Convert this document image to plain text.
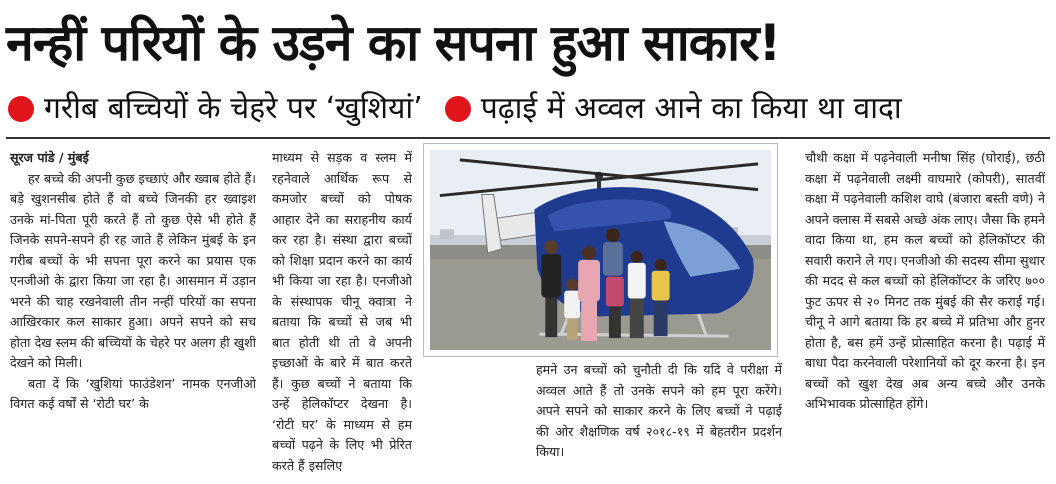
नन्हीं परियों के उड़ने का सपना हुआ साकार!
गरीब बच्चियों के चेहरे पर ‘खुशियां’ पढ़ाई में अव्वल आने का किया था वादा

सूरज पांडे / मुंबई

हर बच्चे की अपनी कुछ इच्छाएं और ख्वाब होते हैं। बड़े खुशनसीब होते हैं वो बच्चे जिनकी हर ख्वाइश उनके मां-पिता पूरी करते हैं तो कुछ ऐसे भी होते हैं जिनके सपने-सपने ही रह जाते हैं लेकिन मुंबई के इन गरीब बच्चों के भी सपना पूरा करने का प्रयास एक एनजीओ के द्वारा किया जा रहा है। आसमान में उड़ान भरने की चाह रखनेवाली तीन नन्हीं परियों का सपना आखिरकार कल साकार हुआ। अपने सपने को सच होता देख स्लम की बच्चियों के चेहरे पर अलग ही खुशी देखने को मिली।

बता दें कि ‘खुशियां फाउंडेशन’ नामक एनजीओ विगत कई वर्षों से ‘रोटी घर’ के

माध्यम से सड़क व स्लम में रहनेवाले आर्थिक रूप से कमजोर बच्चों को पोषक आहार देने का सराहनीय कार्य कर रहा है। संस्था द्वारा बच्चों को शिक्षा प्रदान करने का कार्य भी किया जा रहा है। एनजीओ के संस्थापक चीनू क्वात्रा ने बताया कि बच्चों से जब भी बात होती थी तो वे अपनी इच्छाओं के बारे में बात करते हैं। कुछ बच्चों ने बताया कि उन्हें हेलिकॉप्टर देखना है। ‘रोटी घर’ के माध्यम से हम बच्चों पढ़ने के लिए भी प्रेरित करते हैं इसलिए

हमने उन बच्चों को चुनौती दी कि यदि वे परीक्षा में अव्वल आते हैं तो उनके सपने को हम पूरा करेंगे। अपने सपने को साकार करने के लिए बच्चों ने पढ़ाई की ओर शैक्षणिक वर्ष २०१८-१९ में बेहतरीन प्रदर्शन किया।

चौथी कक्षा में पढ़नेवाली मनीषा सिंह (घोराई), छठी कक्षा में पढ़नेवाली लक्ष्मी वाघमारे (कोपरी), सातवीं कक्षा में पढ़नेवाली कशिश वाघे (बंजारा बस्ती वणे) ने अपने क्लास में सबसे अच्छे अंक लाए। जैसा कि हमने वादा किया था, हम कल बच्चों को हेलिकॉप्टर की सवारी कराने ले गए। एनजीओ की सदस्य सीमा सुथार की मदद से कल बच्चों को हेलिकॉप्टर के जरिए ७०० फुट ऊपर से २० मिनट तक मुंबई की सैर कराई गई। चीनू ने आगे बताया कि हर बच्चे में प्रतिभा और हुनर होता है, बस हमें उन्हें प्रोत्साहित करना है। पढ़ाई में बाधा पैदा करनेवाली परेशानियों को दूर करना है। इन बच्चों को खुश देख अब अन्य बच्चे और उनके अभिभावक प्रोत्साहित होंगे।
